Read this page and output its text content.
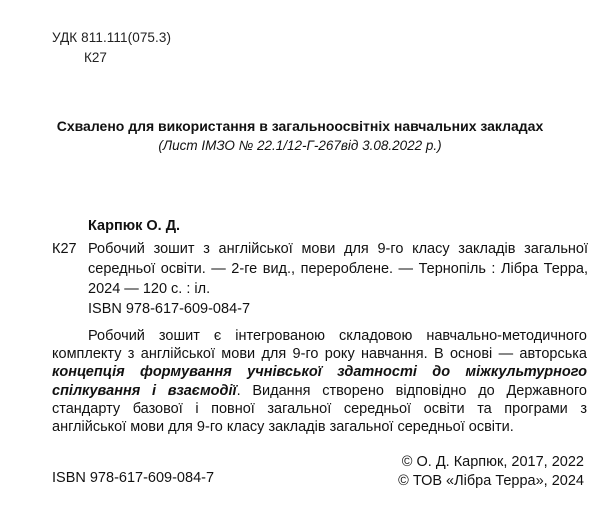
УДК 811.111(075.3)
К27
Схвалено для використання в загальноосвітніх навчальних закладах
(Лист ІМЗО № 22.1/12-Г-267від 3.08.2022 р.)
Карпюк О. Д.
К27 Робочий зошит з англійської мови для 9-го класу закладів загальної середньої освіти. — 2-ге вид., перероблене. — Тернопіль : Лібра Терра, 2024 — 120 с. : іл.
ISBN 978-617-609-084-7
Робочий зошит є інтегрованою складовою навчально-методичного комплекту з англійської мови для 9-го року навчання. В основі — авторська концепція формування учнівської здатності до міжкультурного спілкування і взаємодії. Видання створено відповідно до Державного стандарту базової і повної загальної середньої освіти та програми з англійської мови для 9-го класу закладів загальної середньої освіти.
ISBN 978-617-609-084-7
© О. Д. Карпюк, 2017, 2022
© ТОВ «Лібра Терра», 2024
